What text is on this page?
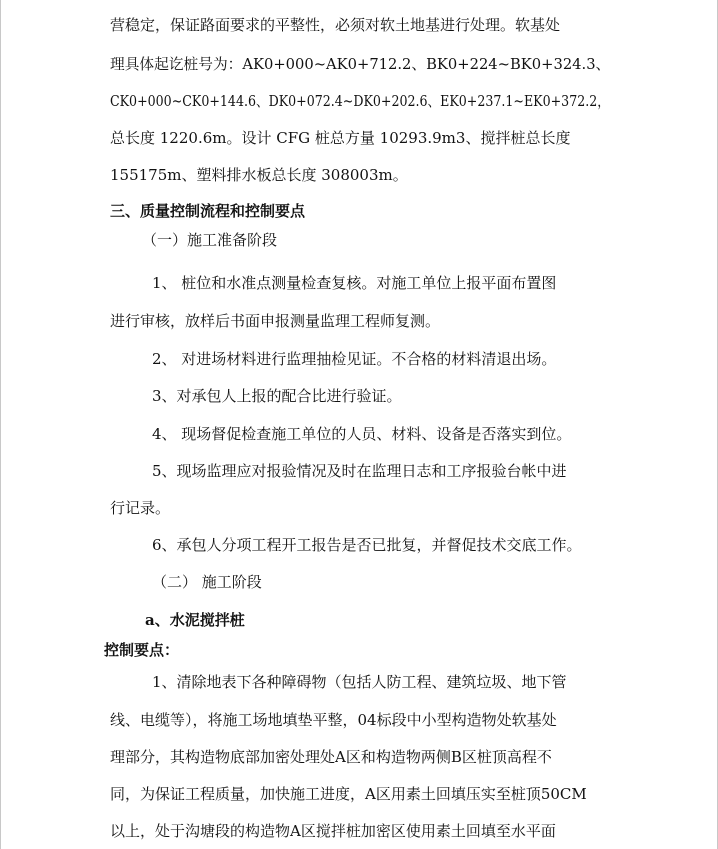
营稳定，保证路面要求的平整性，必须对软土地基进行处理。软基处
理具体起讫桩号为：AK0+000~AK0+712.2、BK0+224~BK0+324.3、
CK0+000~CK0+144.6、DK0+072.4~DK0+202.6、EK0+237.1~EK0+372.2，
总长度 1220.6m。设计 CFG 桩总方量 10293.9m3、搅拌桩总长度
155175m、塑料排水板总长度 308003m。
三、质量控制流程和控制要点
（一）施工准备阶段
1、 桩位和水准点测量检查复核。对施工单位上报平面布置图
进行审核，放样后书面申报测量监理工程师复测。
2、 对进场材料进行监理抽检见证。不合格的材料清退出场。
3、对承包人上报的配合比进行验证。
4、 现场督促检查施工单位的人员、材料、设备是否落实到位。
5、现场监理应对报验情况及时在监理日志和工序报验台帐中进
行记录。
6、承包人分项工程开工报告是否已批复，并督促技术交底工作。
（二） 施工阶段
a、水泥搅拌桩
控制要点：
1、清除地表下各种障碍物（包括人防工程、建筑垃圾、地下管
线、电缆等），将施工场地填垫平整，04标段中小型构造物处软基处
理部分，其构造物底部加密处理处A区和构造物两侧B区桩顶高程不
同，为保证工程质量，加快施工进度，A区用素土回填压实至桩顶50CM
以上，处于沟塘段的构造物A区搅拌桩加密区使用素土回填至水平面
